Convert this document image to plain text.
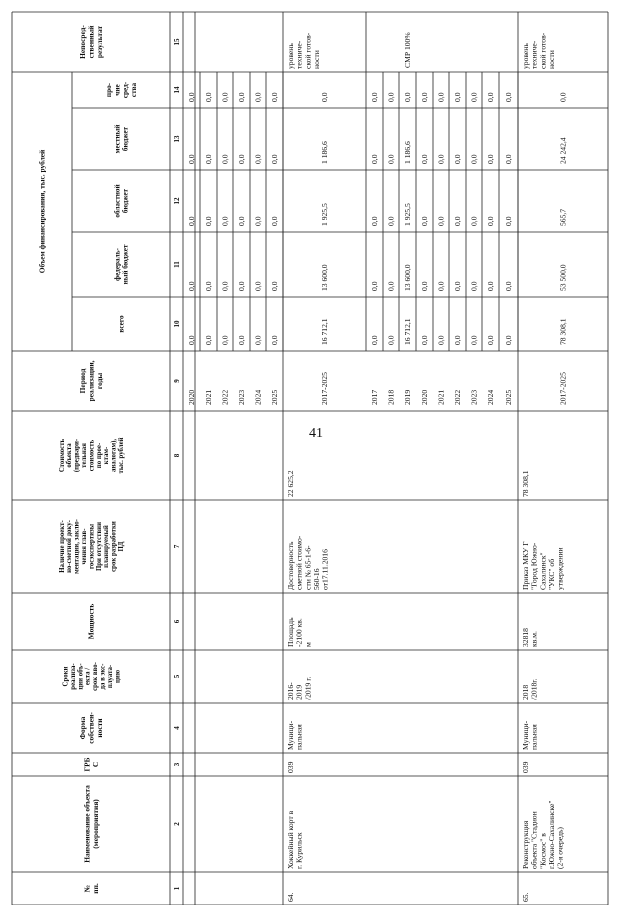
41
№пп.
Наименование объекта(мероприятия)
ГРБС
Формасобствен-ности
Срокиреализа-ции объ-екта /срок вво-да в экс-плуата-цию
Мощность
Наличие проект-но-сметной доку-ментации, заклю-чения глав-госэкспертизыПри отсутствиипланируемыйсрок разработкиПД
Стоимостьобъекта(предвари-тельнаястоимостьпо прое-ктам-аналогам),тыс. рублей
Периодреализации,годы
Объем финансирования, тыс. рублей
всего
федераль-ный бюджет
областнойбюджет
местныйбюджет
про-чиесред-ства
Непосред-ственныйрезультат
1
2
3
4
5
6
7
8
9
10
11
12
13
14
15
2020
0,0
0,0
0,0
0,0
0,0
2021
0,0
0,0
0,0
0,0
0,0
2022
0,0
0,0
0,0
0,0
0,0
2023
0,0
0,0
0,0
0,0
0,0
2024
0,0
0,0
0,0
0,0
0,0
2025
0,0
0,0
0,0
0,0
0,0
64.
Хоккейный корт вг. Курильск
039
Муници-пальная
2016-2019/2019 г.
Площадь-2100 кв.м
Достоверностьсметной стоимо-сти № 65-1-6-560-16от17.11.2016
22 625,2
2017-2025
16 712,1
13 600,0
1 925,5
1 186,6
0,0
уровеньтехниче-ской готов-ности
2017
0,0
0,0
0,0
0,0
0,0
2018
0,0
0,0
0,0
0,0
0,0
2019
16 712,1
13 600,0
1 925,5
1 186,6
0,0
СМР 100%
2020
0,0
0,0
0,0
0,0
0,0
2021
0,0
0,0
0,0
0,0
0,0
2022
0,0
0,0
0,0
0,0
0,0
2023
0,0
0,0
0,0
0,0
0,0
2024
0,0
0,0
0,0
0,0
0,0
2025
0,0
0,0
0,0
0,0
0,0
65.
Реконструкцияобъекта "Стадион"Космос" вг.Южно-Сахалинске"(2-я очередь)
039
Муници-пальная
2018/2018г.
32818кв.м.
Приказ МКУ Г"Город Южно-Сахалинск""УКС" обутверждении
78 308,1
2017-2025
78 308,1
53 500,0
565,7
24 242,4
0,0
уровеньтехниче-ской готов-ности
